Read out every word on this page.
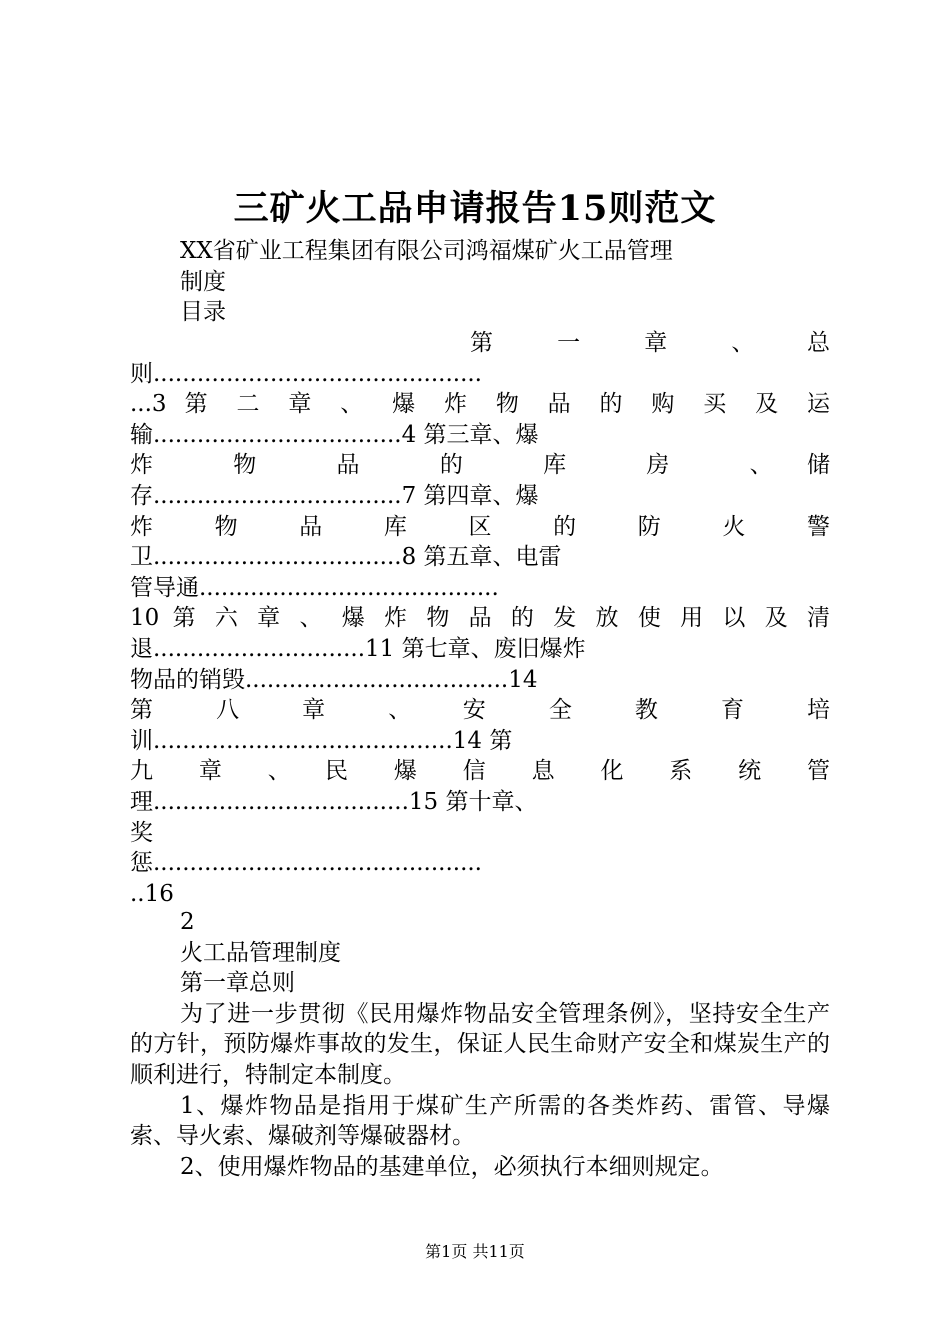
三矿火工品申请报告15则范文
XX省矿业工程集团有限公司鸿福煤矿火工品管理
制度
目录
第　　一　　章　　、　　总
则.............................................
...3 第 二 章 、 爆 炸 物 品 的 购 买 及 运
输..................................4 第三章、爆
炸　　物　　品　　的　　库　　房　　、　储
存..................................7 第四章、爆
炸　　物　　品　　库　　区　　的　　防　　火　　警
卫..................................8 第五章、电雷
管导通.........................................
10 第 六 章 、 爆 炸 物 品 的 发 放 使 用 以 及 清
退.............................11 第七章、废旧爆炸
物品的销毁....................................14
第　　八　　章　　、　　安　　全　　教　　育　　培
训.........................................14 第
九　章　、　民　爆　信　息　化　系　统　管
理...................................15 第十章、
奖
惩.............................................
..16
2
火工品管理制度
第一章总则
为了进一步贯彻《民用爆炸物品安全管理条例》，坚持安全生产的方针，预防爆炸事故的发生，保证人民生命财产安全和煤炭生产的顺利进行，特制定本制度。
1、爆炸物品是指用于煤矿生产所需的各类炸药、雷管、导爆索、导火索、爆破剂等爆破器材。
2、使用爆炸物品的基建单位，必须执行本细则规定。
第1页 共11页
